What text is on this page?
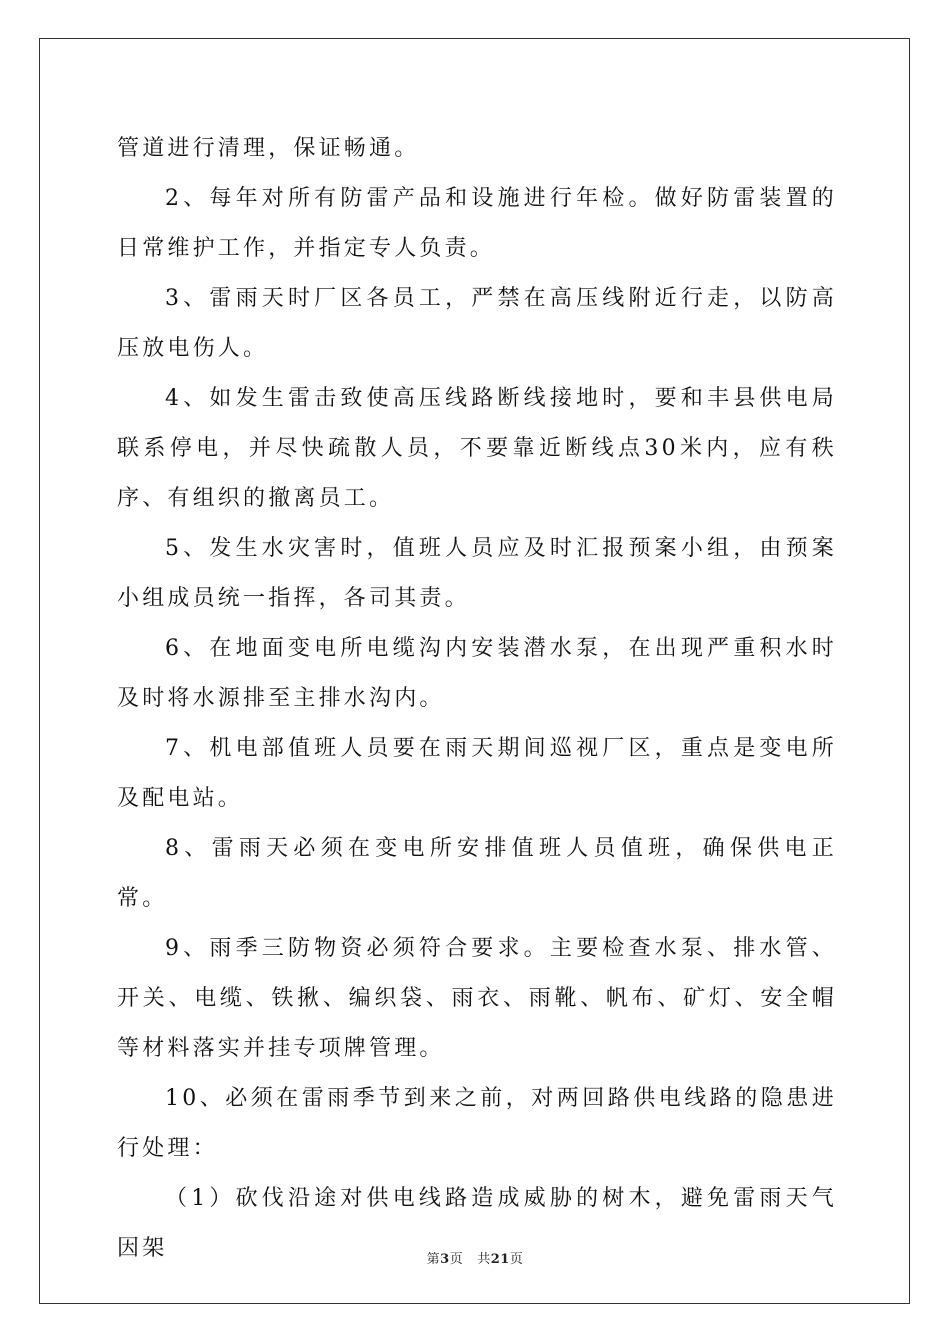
管道进行清理，保证畅通。

2、每年对所有防雷产品和设施进行年检。做好防雷装置的日常维护工作，并指定专人负责。

3、雷雨天时厂区各员工，严禁在高压线附近行走，以防高压放电伤人。

4、如发生雷击致使高压线路断线接地时，要和丰县供电局联系停电，并尽快疏散人员，不要靠近断线点30米内，应有秩序、有组织的撤离员工。

5、发生水灾害时，值班人员应及时汇报预案小组，由预案小组成员统一指挥，各司其责。

6、在地面变电所电缆沟内安装潜水泵，在出现严重积水时及时将水源排至主排水沟内。

7、机电部值班人员要在雨天期间巡视厂区，重点是变电所及配电站。

8、雷雨天必须在变电所安排值班人员值班，确保供电正常。

9、雨季三防物资必须符合要求。主要检查水泵、排水管、开关、电缆、铁揪、编织袋、雨衣、雨靴、帆布、矿灯、安全帽等材料落实并挂专项牌管理。

10、必须在雷雨季节到来之前，对两回路供电线路的隐患进行处理：

（1）砍伐沿途对供电线路造成威胁的树木，避免雷雨天气因架	第3页 共21页
